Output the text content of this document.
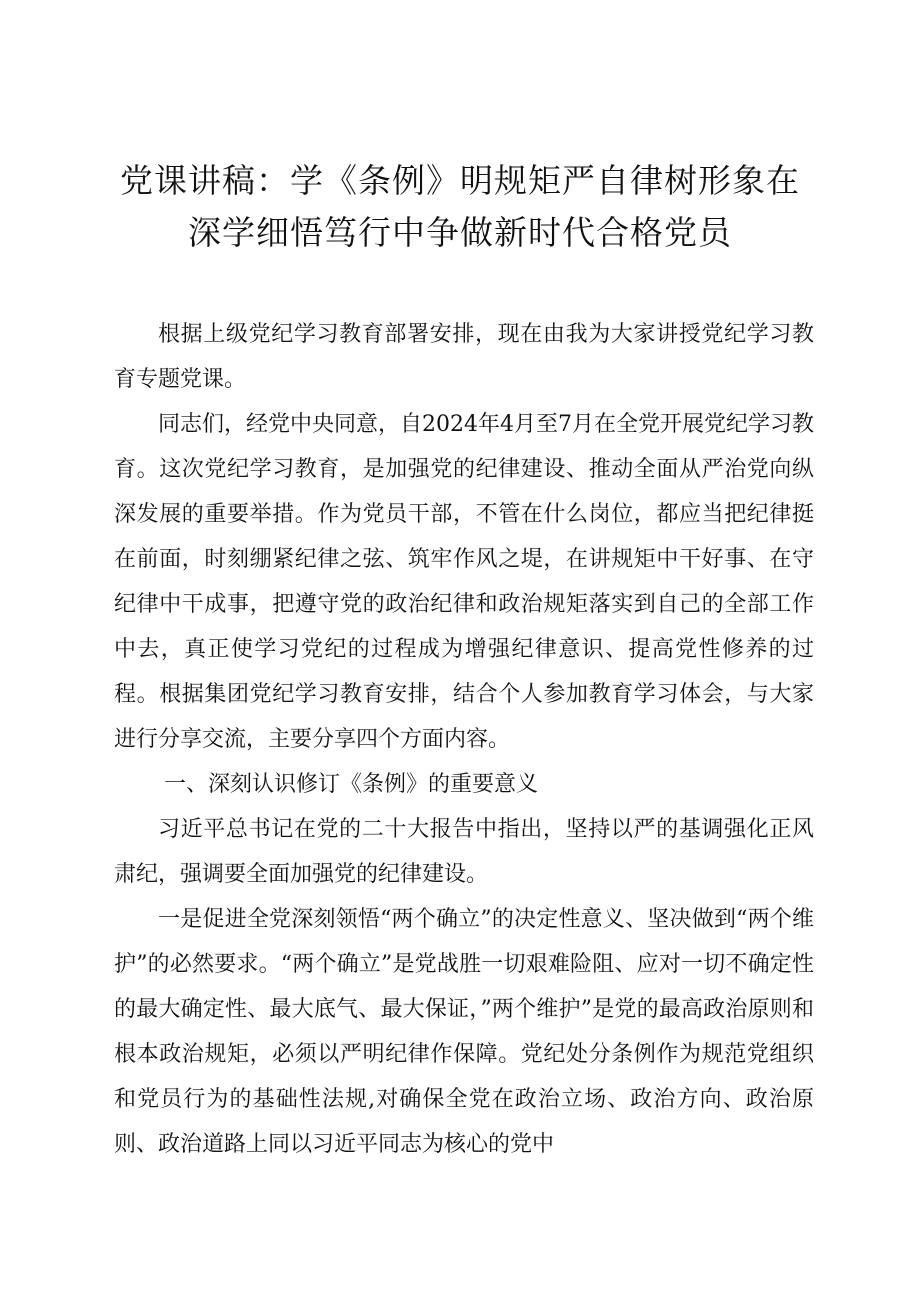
党课讲稿：学《条例》明规矩严自律树形象在
深学细悟笃行中争做新时代合格党员

根据上级党纪学习教育部署安排，现在由我为大家讲授党纪学习教育专题党课。

同志们，经党中央同意，自2024年4月至7月在全党开展党纪学习教育。这次党纪学习教育，是加强党的纪律建设、推动全面从严治党向纵深发展的重要举措。作为党员干部，不管在什么岗位，都应当把纪律挺在前面，时刻绷紧纪律之弦、筑牢作风之堤，在讲规矩中干好事、在守纪律中干成事，把遵守党的政治纪律和政治规矩落实到自己的全部工作中去，真正使学习党纪的过程成为增强纪律意识、提高党性修养的过程。根据集团党纪学习教育安排，结合个人参加教育学习体会，与大家进行分享交流，主要分享四个方面内容。

一、深刻认识修订《条例》的重要意义

习近平总书记在党的二十大报告中指出，坚持以严的基调强化正风肃纪，强调要全面加强党的纪律建设。

一是促进全党深刻领悟“两个确立”的决定性意义、坚决做到“两个维护”的必然要求。“两个确立”是党战胜一切艰难险阻、应对一切不确定性的最大确定性、最大底气、最大保证，”两个维护”是党的最高政治原则和根本政治规矩，必须以严明纪律作保障。党纪处分条例作为规范党组织和党员行为的基础性法规,对确保全党在政治立场、政治方向、政治原则、政治道路上同以习近平同志为核心的党中
